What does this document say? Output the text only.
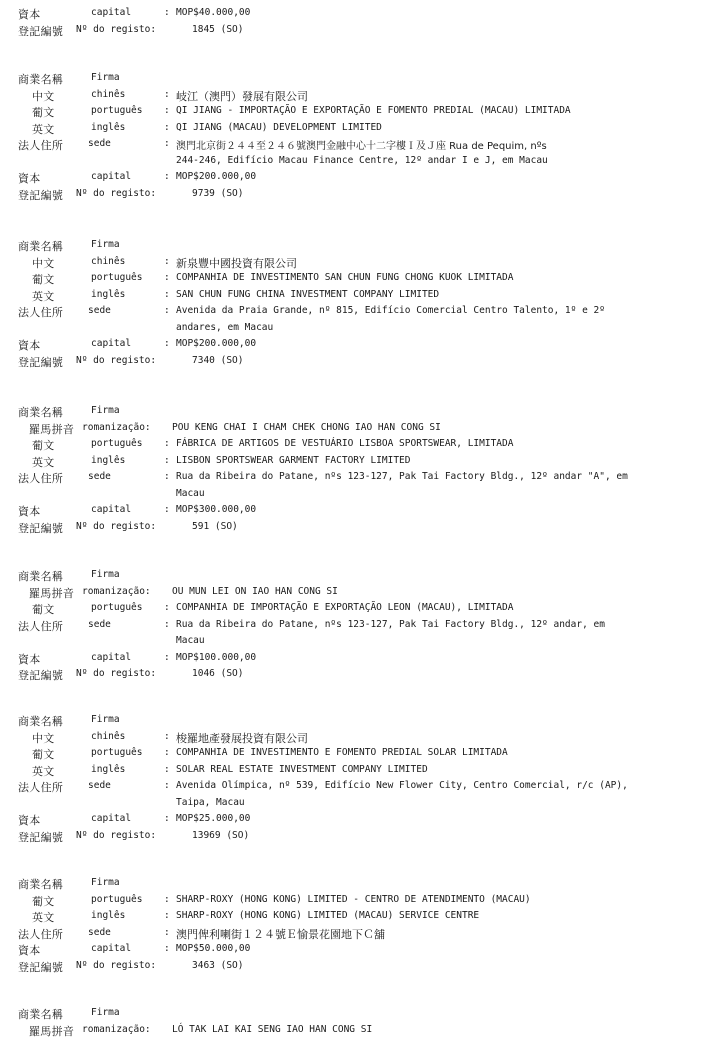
資本	capital	: MOP$40.000,00
登記編號 Nº do registo:	1845 (SO)
商業名稱	Firma
中文	chinês	: 岐江（澳門）發展有限公司
葡文	português : QI JIANG - IMPORTAÇÃO E EXPORTAÇÃO E FOMENTO PREDIAL (MACAU) LIMITADA
英文	inglês	: QI JIANG (MACAU) DEVELOPMENT LIMITED
法人住所	sede	: 澳門北京街２４４至２４６號澳門金融中心十二字樓Ｉ及Ｊ座 Rua de Pequim, nºs
244-246, Edifício Macau Finance Centre, 12º andar I e J, em Macau
資本	capital	: MOP$200.000,00
登記編號 Nº do registo:	9739 (SO)
商業名稱	Firma
中文	chinês	: 新泉豐中國投資有限公司
葡文	português : COMPANHIA DE INVESTIMENTO SAN CHUN FUNG CHONG KUOK LIMITADA
英文	inglês	: SAN CHUN FUNG CHINA INVESTMENT COMPANY LIMITED
法人住所	sede	: Avenida da Praia Grande, nº 815, Edifício Comercial Centro Talento, 1º e 2º
andares, em Macau
資本	capital	: MOP$200.000,00
登記編號 Nº do registo:	7340 (SO)
商業名稱	Firma
羅馬拼音 romanização: POU KENG CHAI I CHAM CHEK CHONG IAO HAN CONG SI
葡文	português : FÁBRICA DE ARTIGOS DE VESTUÁRIO LISBOA SPORTSWEAR, LIMITADA
英文	inglês	: LISBON SPORTSWEAR GARMENT FACTORY LIMITED
法人住所	sede	: Rua da Ribeira do Patane, nºs 123-127, Pak Tai Factory Bldg., 12º andar "A", em
Macau
資本	capital	: MOP$300.000,00
登記編號 Nº do registo:	591 (SO)
商業名稱	Firma
羅馬拼音 romanização: OU MUN LEI ON IAO HAN CONG SI
葡文	português : COMPANHIA DE IMPORTAÇÃO E EXPORTAÇÃO LEON (MACAU), LIMITADA
法人住所	sede	: Rua da Ribeira do Patane, nºs 123-127, Pak Tai Factory Bldg., 12º andar, em
Macau
資本	capital	: MOP$100.000,00
登記編號 Nº do registo:	1046 (SO)
商業名稱	Firma
中文	chinês	: 梭羅地產發展投資有限公司
葡文	português : COMPANHIA DE INVESTIMENTO E FOMENTO PREDIAL SOLAR LIMITADA
英文	inglês	: SOLAR REAL ESTATE INVESTMENT COMPANY LIMITED
法人住所	sede	: Avenida Olímpica, nº 539, Edifício New Flower City, Centro Comercial, r/c (AP),
Taipa, Macau
資本	capital	: MOP$25.000,00
登記編號 Nº do registo:	13969 (SO)
商業名稱	Firma
葡文	português : SHARP-ROXY (HONG KONG) LIMITED - CENTRO DE ATENDIMENTO (MACAU)
英文	inglês	: SHARP-ROXY (HONG KONG) LIMITED (MACAU) SERVICE CENTRE
法人住所	sede	: 澳門俾利喇街１２４號Ｅ愉景花園地下Ｃ舖
資本	capital	: MOP$50.000,00
登記編號 Nº do registo:	3463 (SO)
商業名稱	Firma
羅馬拼音 romanização: LÓ TAK LAI KAI SENG IAO HAN CONG SI
